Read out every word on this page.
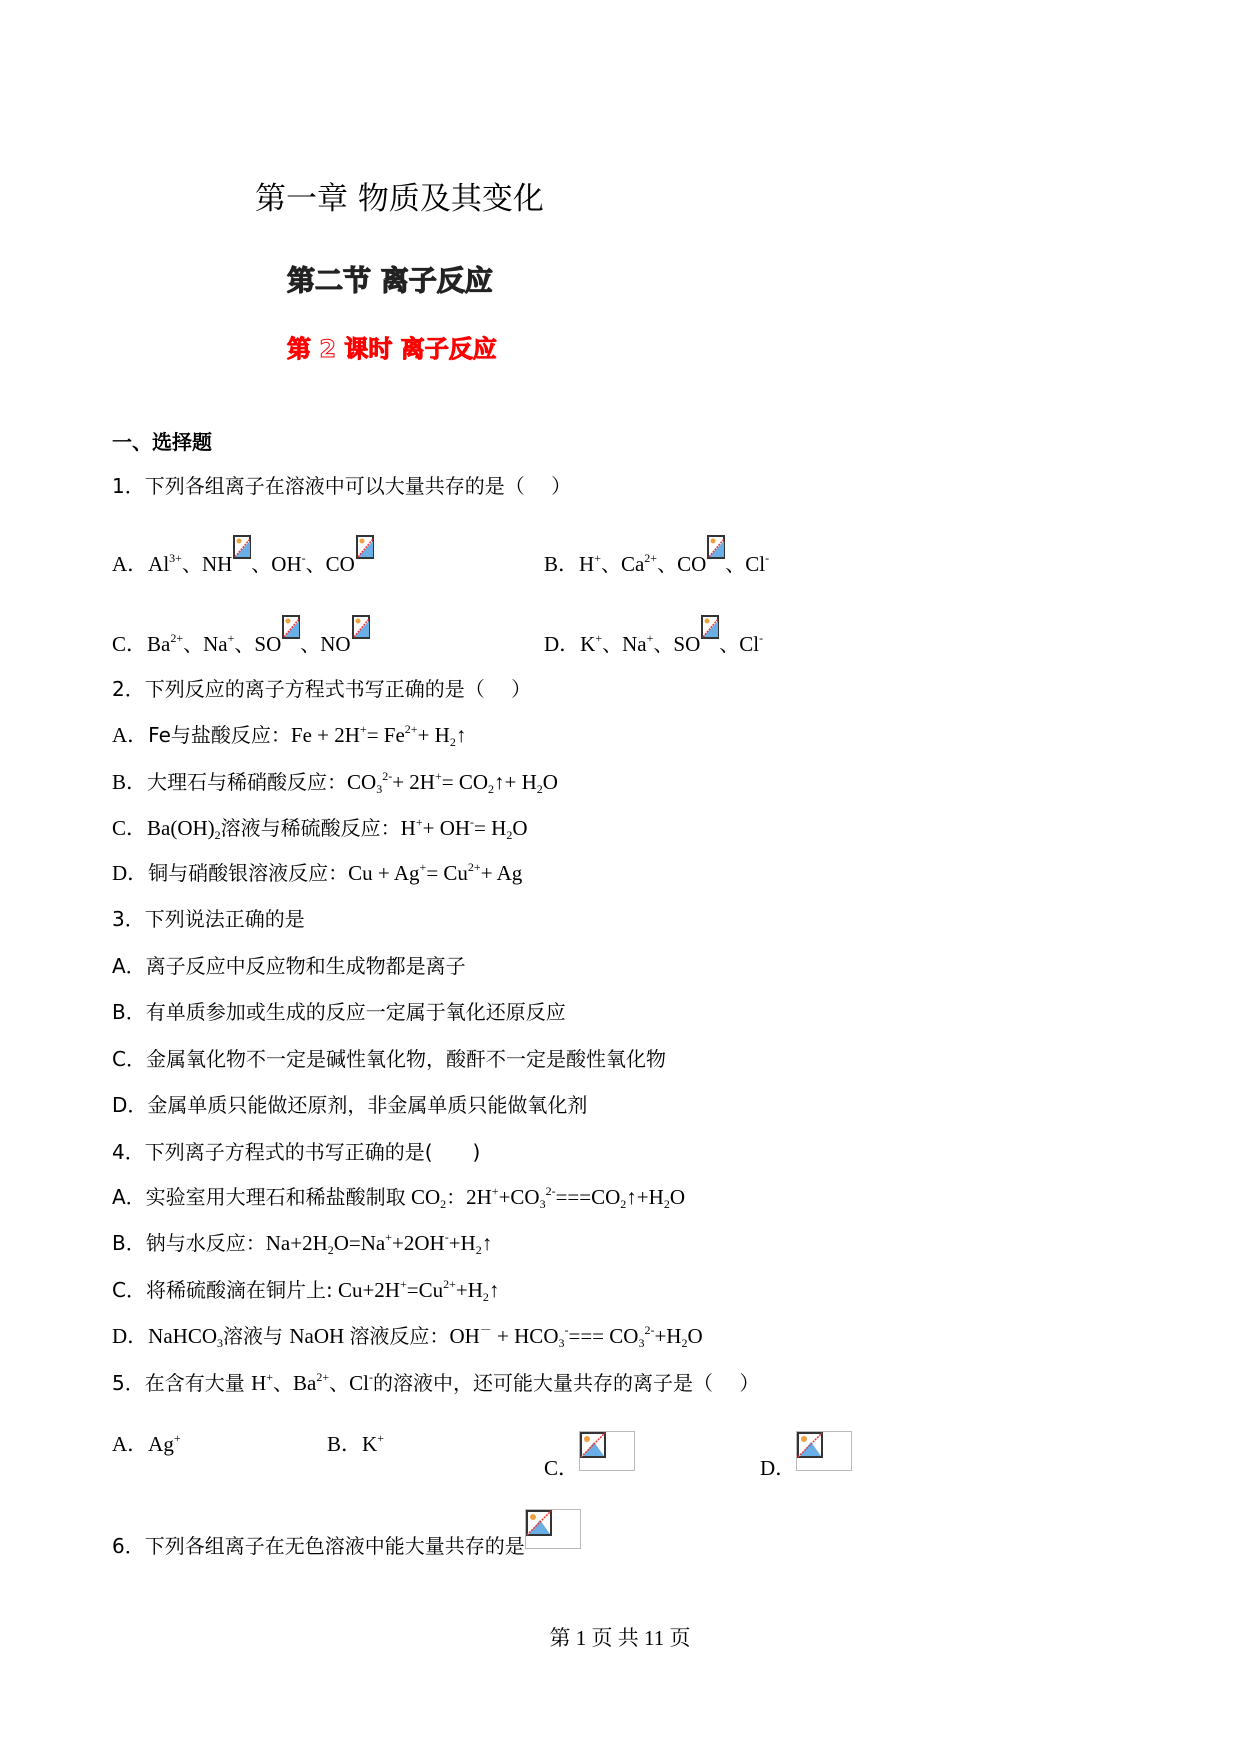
第一章 物质及其变化
第二节 离子反应
第 2 课时 离子反应
一、选择题
1．下列各组离子在溶液中可以大量共存的是（　 ）
A．$Al^{3+}$、NH 、OH-、CO	B．H+、$Ca^{2+}$、CO 、Cl-
C．$Ba^{2+}$、Na+、SO 、NO	D．K+、Na+、SO 、Cl-
2．下列反应的离子方程式书写正确的是（　 ）
A．Fe与盐酸反应：$Fe + 2H^+= Fe^{2+}+$ $H_2↑$
B．大理石与稀硝酸反应：$CO_3^{2-}+ 2H^+=$ $CO_2↑+ H_2O$
C．$Ba(OH)_2$溶液与稀硫酸反应：$H^++ OH^-= H_2O$
D．铜与硝酸银溶液反应：$Cu + Ag^+= Cu^{2+}+ Ag$
3．下列说法正确的是
A．离子反应中反应物和生成物都是离子
B．有单质参加或生成的反应一定属于氧化还原反应
C．金属氧化物不一定是碱性氧化物，酸酐不一定是酸性氧化物
D．金属单质只能做还原剂，非金属单质只能做氧化剂
4．下列离子方程式的书写正确的是(　　)
A．实验室用大理石和稀盐酸制取 $CO_2$：$2H^++CO_3^{2-}===CO_2↑+H_2O$
B．钠与水反应：$Na+2H_2O=Na^++2OH^-+H_2↑$
C．将稀硫酸滴在铜片上: $Cu+2H^+=Cu^{2+}+H_2↑$
D．NaHCO$_3$溶液与 NaOH 溶液反应：$OH^- + HCO_3^-=== CO_3^{2-}+H_2O$
5．在含有大量 H+、$Ba^{2+}$、Cl-的溶液中，还可能大量共存的离子是（　 ）
A．Ag+	B．K+
C．	D．
6．下列各组离子在无色溶液中能大量共存的是
第 1 页 共 11 页
